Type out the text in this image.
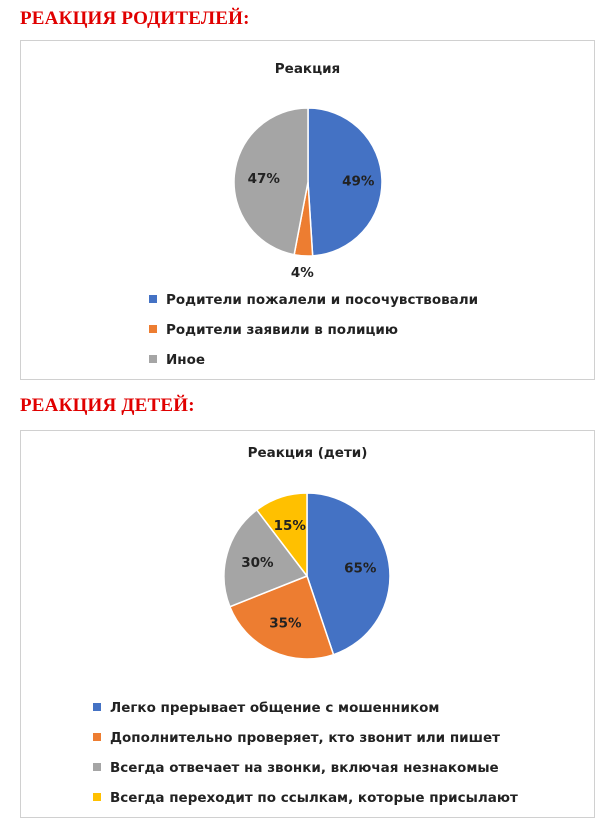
РЕАКЦИЯ РОДИТЕЛЕЙ:
Реакция
49%
4%
47%
Родители пожалели и посочувствовали
Родители заявили в полицию
Иное
РЕАКЦИЯ ДЕТЕЙ:
Реакция (дети)
65%
35%
30%
15%
Легко прерывает общение с мошенником
Дополнительно проверяет, кто звонит или пишет
Всегда отвечает на звонки, включая незнакомые
Всегда переходит по ссылкам, которые присылают
